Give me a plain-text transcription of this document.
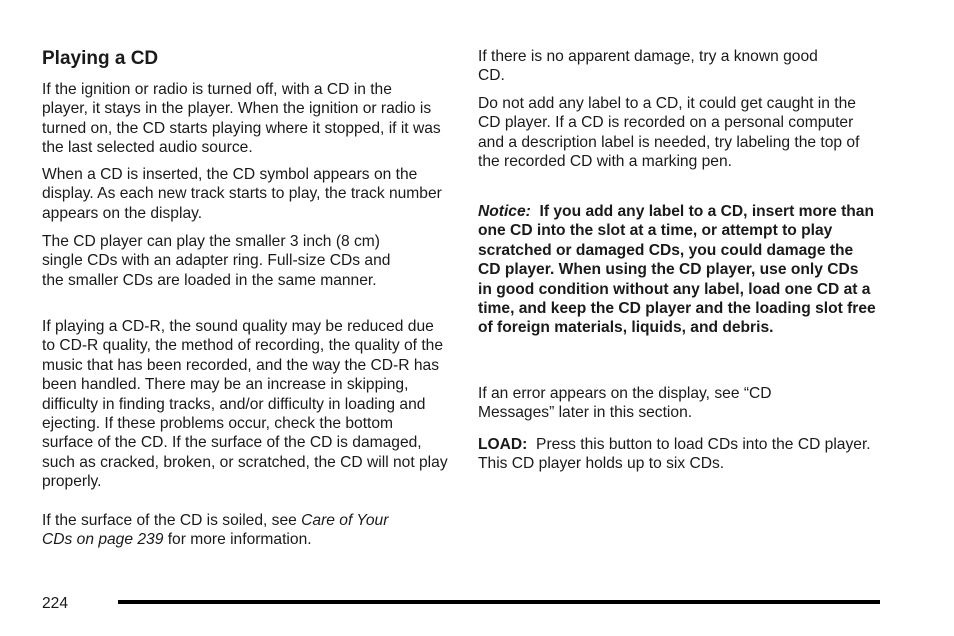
Playing a CD

If the ignition or radio is turned off, with a CD in the player, it stays in the player. When the ignition or radio is turned on, the CD starts playing where it stopped, if it was the last selected audio source.

When a CD is inserted, the CD symbol appears on the display. As each new track starts to play, the track number appears on the display.

The CD player can play the smaller 3 inch (8 cm) single CDs with an adapter ring. Full-size CDs and the smaller CDs are loaded in the same manner.

If playing a CD-R, the sound quality may be reduced due to CD-R quality, the method of recording, the quality of the music that has been recorded, and the way the CD-R has been handled. There may be an increase in skipping, difficulty in finding tracks, and/or difficulty in loading and ejecting. If these problems occur, check the bottom surface of the CD. If the surface of the CD is damaged, such as cracked, broken, or scratched, the CD will not play properly.

If the surface of the CD is soiled, see Care of Your CDs on page 239 for more information.

If there is no apparent damage, try a known good CD.

Do not add any label to a CD, it could get caught in the CD player. If a CD is recorded on a personal computer and a description label is needed, try labeling the top of the recorded CD with a marking pen.

Notice: If you add any label to a CD, insert more than one CD into the slot at a time, or attempt to play scratched or damaged CDs, you could damage the CD player. When using the CD player, use only CDs in good condition without any label, load one CD at a time, and keep the CD player and the loading slot free of foreign materials, liquids, and debris.

If an error appears on the display, see “CD Messages” later in this section.

LOAD: Press this button to load CDs into the CD player. This CD player holds up to six CDs.

224
